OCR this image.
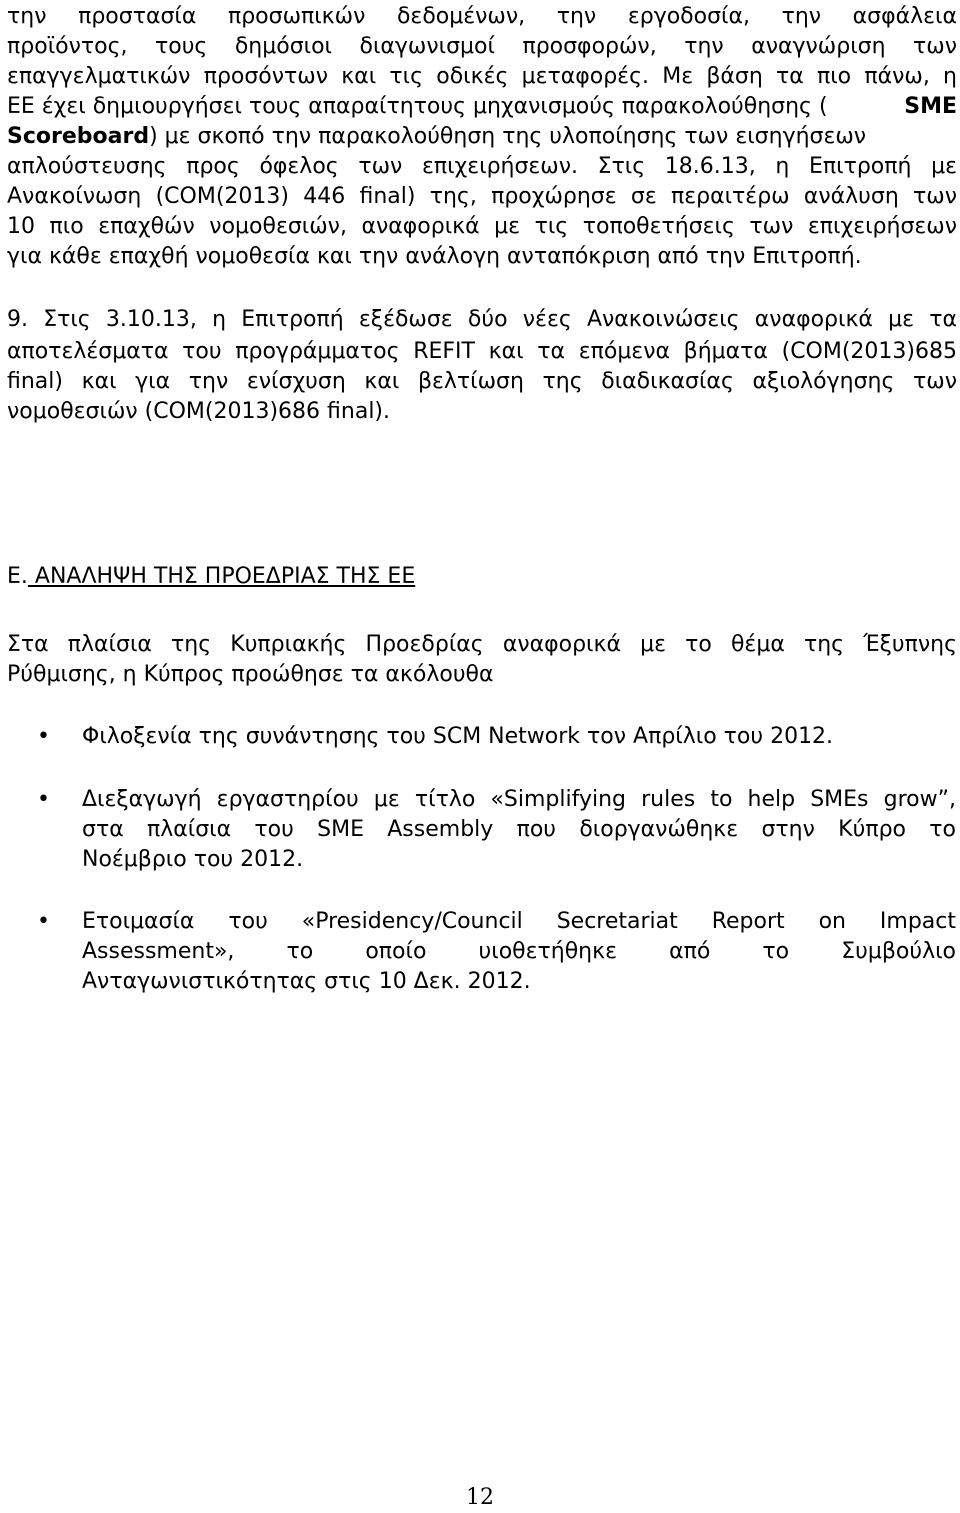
την προστασία προσωπικών δεδομένων, την εργοδοσία, την ασφάλεια
προϊόντος, τους δημόσιοι διαγωνισμοί προσφορών, την αναγνώριση των
επαγγελματικών προσόντων και τις οδικές μεταφορές. Με βάση τα πιο πάνω, η
ΕΕ έχει δημιουργήσει τους απαραίτητους μηχανισμούς παρακολούθησης (	SME
Scoreboard) με σκοπό την παρακολούθηση της υλοποίησης των εισηγήσεων
απλούστευσης προς όφελος των επιχειρήσεων. Στις 18.6.13, η Επιτροπή με
Ανακοίνωση (COM(2013) 446 final) της, προχώρησε σε περαιτέρω ανάλυση των
10 πιο επαχθών νομοθεσιών, αναφορικά με τις τοποθετήσεις των επιχειρήσεων
για κάθε επαχθή νομοθεσία και την ανάλογη ανταπόκριση από την Επιτροπή.
9. Στις 3.10.13, η Επιτροπή εξέδωσε δύο νέες Ανακοινώσεις αναφορικά με τα
αποτελέσματα του προγράμματος REFIT και τα επόμενα βήματα (COM(2013)685
final) και για την ενίσχυση και βελτίωση της διαδικασίας αξιολόγησης των
νομοθεσιών (COM(2013)686 final).
Ε. ΑΝΑΛΗΨΗ ΤΗΣ ΠΡΟΕΔΡΙΑΣ ΤΗΣ ΕΕ
Στα πλαίσια της Κυπριακής Προεδρίας αναφορικά με το θέμα της Έξυπνης
Ρύθμισης, η Κύπρος προώθησε τα ακόλουθα
• Φιλοξενία της συνάντησης του SCM Network τον Απρίλιο του 2012.
• Διεξαγωγή εργαστηρίου με τίτλο «Simplifying rules to help SMEs grow”,
στα πλαίσια του SME Assembly που διοργανώθηκε στην Κύπρο το
Νοέμβριο του 2012.
• Ετοιμασία του «Presidency/Council Secretariat Report on Impact
Assessment», το οποίο υιοθετήθηκε από το Συμβούλιο
Ανταγωνιστικότητας στις 10 Δεκ. 2012.
12
